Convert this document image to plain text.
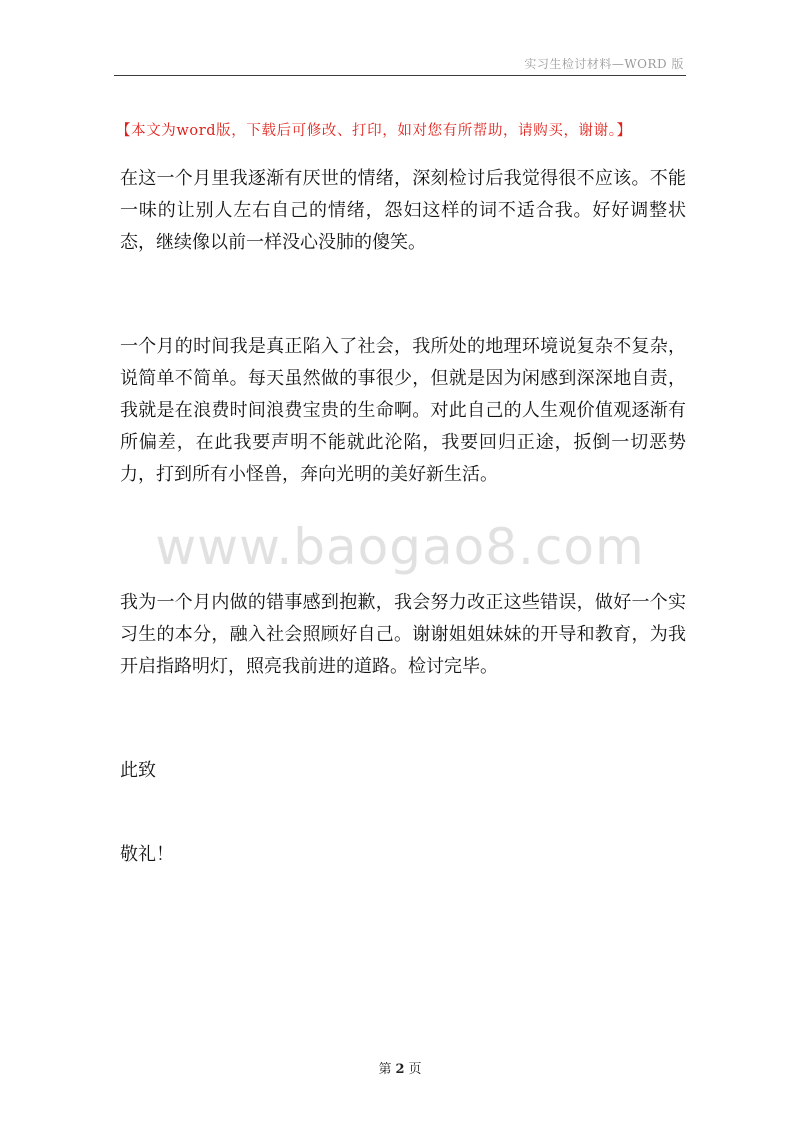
实习生检讨材料—WORD 版
【本文为word版，下载后可修改、打印，如对您有所帮助，请购买，谢谢。】

在这一个月里我逐渐有厌世的情绪，深刻检讨后我觉得很不应该。不能一味的让别人左右自己的情绪，怨妇这样的词不适合我。好好调整状态，继续像以前一样没心没肺的傻笑。

一个月的时间我是真正陷入了社会，我所处的地理环境说复杂不复杂，说简单不简单。每天虽然做的事很少，但就是因为闲感到深深地自责，我就是在浪费时间浪费宝贵的生命啊。对此自己的人生观价值观逐渐有所偏差，在此我要声明不能就此沦陷，我要回归正途，扳倒一切恶势力，打到所有小怪兽，奔向光明的美好新生活。

www.baogao8.com

我为一个月内做的错事感到抱歉，我会努力改正这些错误，做好一个实习生的本分，融入社会照顾好自己。谢谢姐姐妹妹的开导和教育，为我开启指路明灯，照亮我前进的道路。检讨完毕。

此致

敬礼！

第 2 页
